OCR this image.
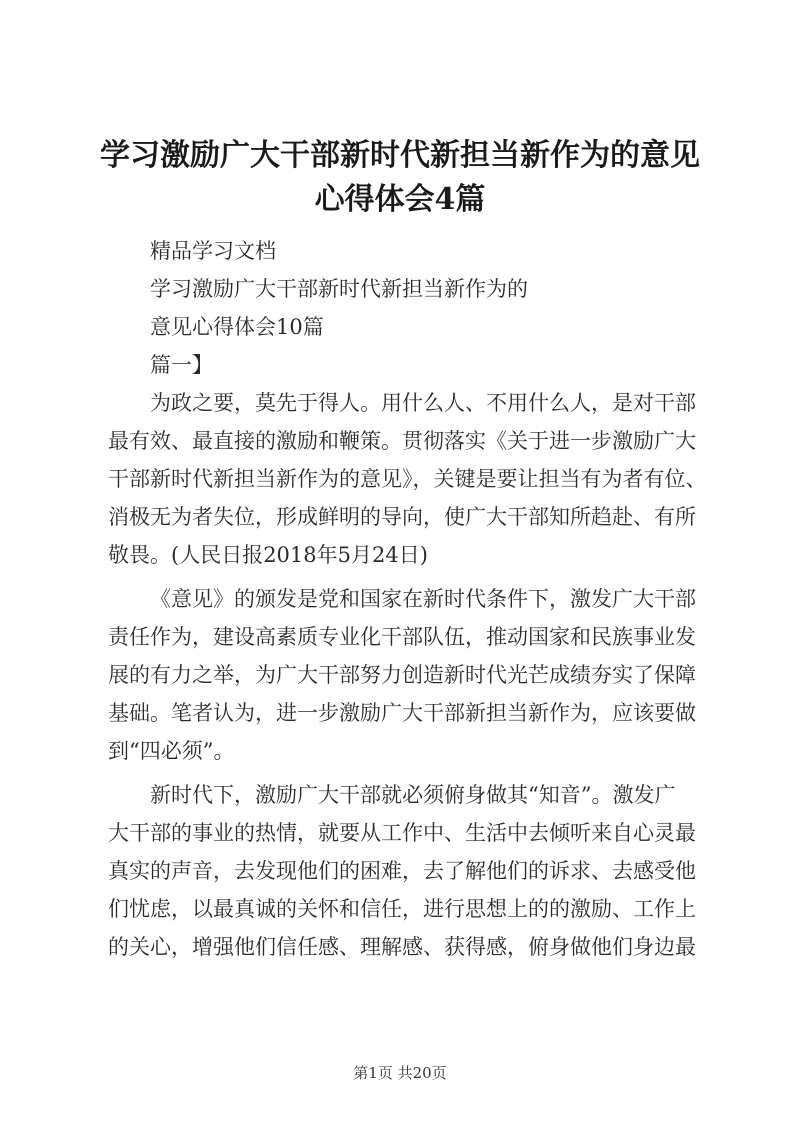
学习激励广大干部新时代新担当新作为的意见
心得体会4篇
精品学习文档
学习激励广大干部新时代新担当新作为的
意见心得体会10篇
篇一】
为政之要，莫先于得人。用什么人、不用什么人，是对干部
最有效、最直接的激励和鞭策。贯彻落实《关于进一步激励广大
干部新时代新担当新作为的意见》，关键是要让担当有为者有位、
消极无为者失位，形成鲜明的导向，使广大干部知所趋赴、有所
敬畏。(人民日报2018年5月24日)
《意见》的颁发是党和国家在新时代条件下，激发广大干部
责任作为，建设高素质专业化干部队伍，推动国家和民族事业发
展的有力之举，为广大干部努力创造新时代光芒成绩夯实了保障
基础。笔者认为，进一步激励广大干部新担当新作为，应该要做
到“四必须”。
新时代下，激励广大干部就必须俯身做其“知音”。激发广
大干部的事业的热情，就要从工作中、生活中去倾听来自心灵最
真实的声音，去发现他们的困难，去了解他们的诉求、去感受他
们忧虑，以最真诚的关怀和信任，进行思想上的的激励、工作上
的关心，增强他们信任感、理解感、获得感，俯身做他们身边最
第1页 共20页
